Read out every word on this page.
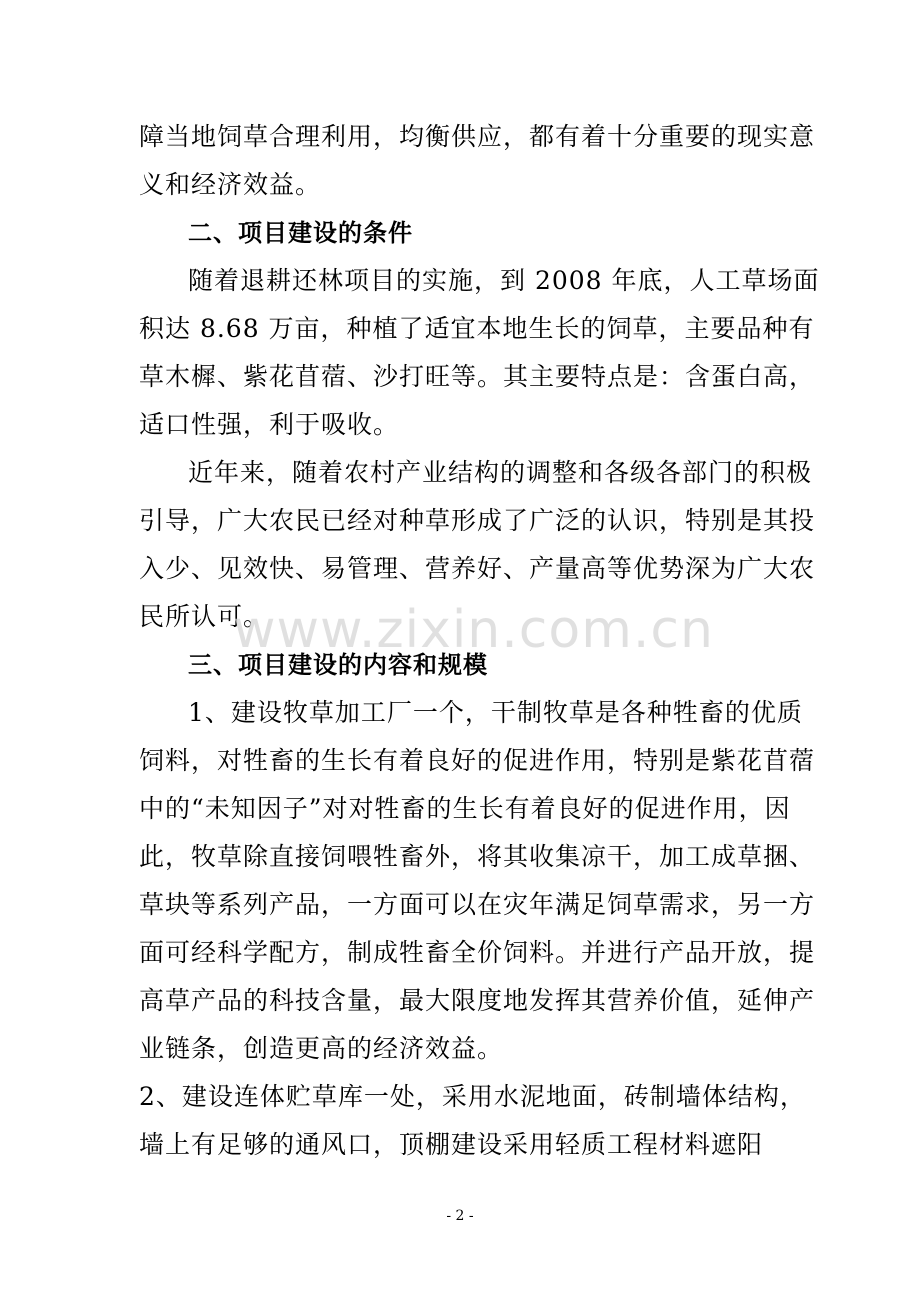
障当地饲草合理利用，均衡供应，都有着十分重要的现实意
义和经济效益。
二、项目建设的条件
随着退耕还林项目的实施，到 2008 年底，人工草场面
积达 8.68 万亩，种植了适宜本地生长的饲草，主要品种有
草木樨、紫花苜蓿、沙打旺等。其主要特点是：含蛋白高，
适口性强，利于吸收。
近年来，随着农村产业结构的调整和各级各部门的积极
引导，广大农民已经对种草形成了广泛的认识，特别是其投
入少、见效快、易管理、营养好、产量高等优势深为广大农
民所认可。
三、项目建设的内容和规模
1、建设牧草加工厂一个，干制牧草是各种牲畜的优质
饲料，对牲畜的生长有着良好的促进作用，特别是紫花苜蓿
中的“未知因子”对对牲畜的生长有着良好的促进作用，因
此，牧草除直接饲喂牲畜外，将其收集凉干，加工成草捆、
草块等系列产品，一方面可以在灾年满足饲草需求，另一方
面可经科学配方，制成牲畜全价饲料。并进行产品开放，提
高草产品的科技含量，最大限度地发挥其营养价值，延伸产
业链条，创造更高的经济效益。
2、建设连体贮草库一处，采用水泥地面，砖制墙体结构，
墙上有足够的通风口，顶棚建设采用轻质工程材料遮阳
www.zixin.com.cn
- 2 -
